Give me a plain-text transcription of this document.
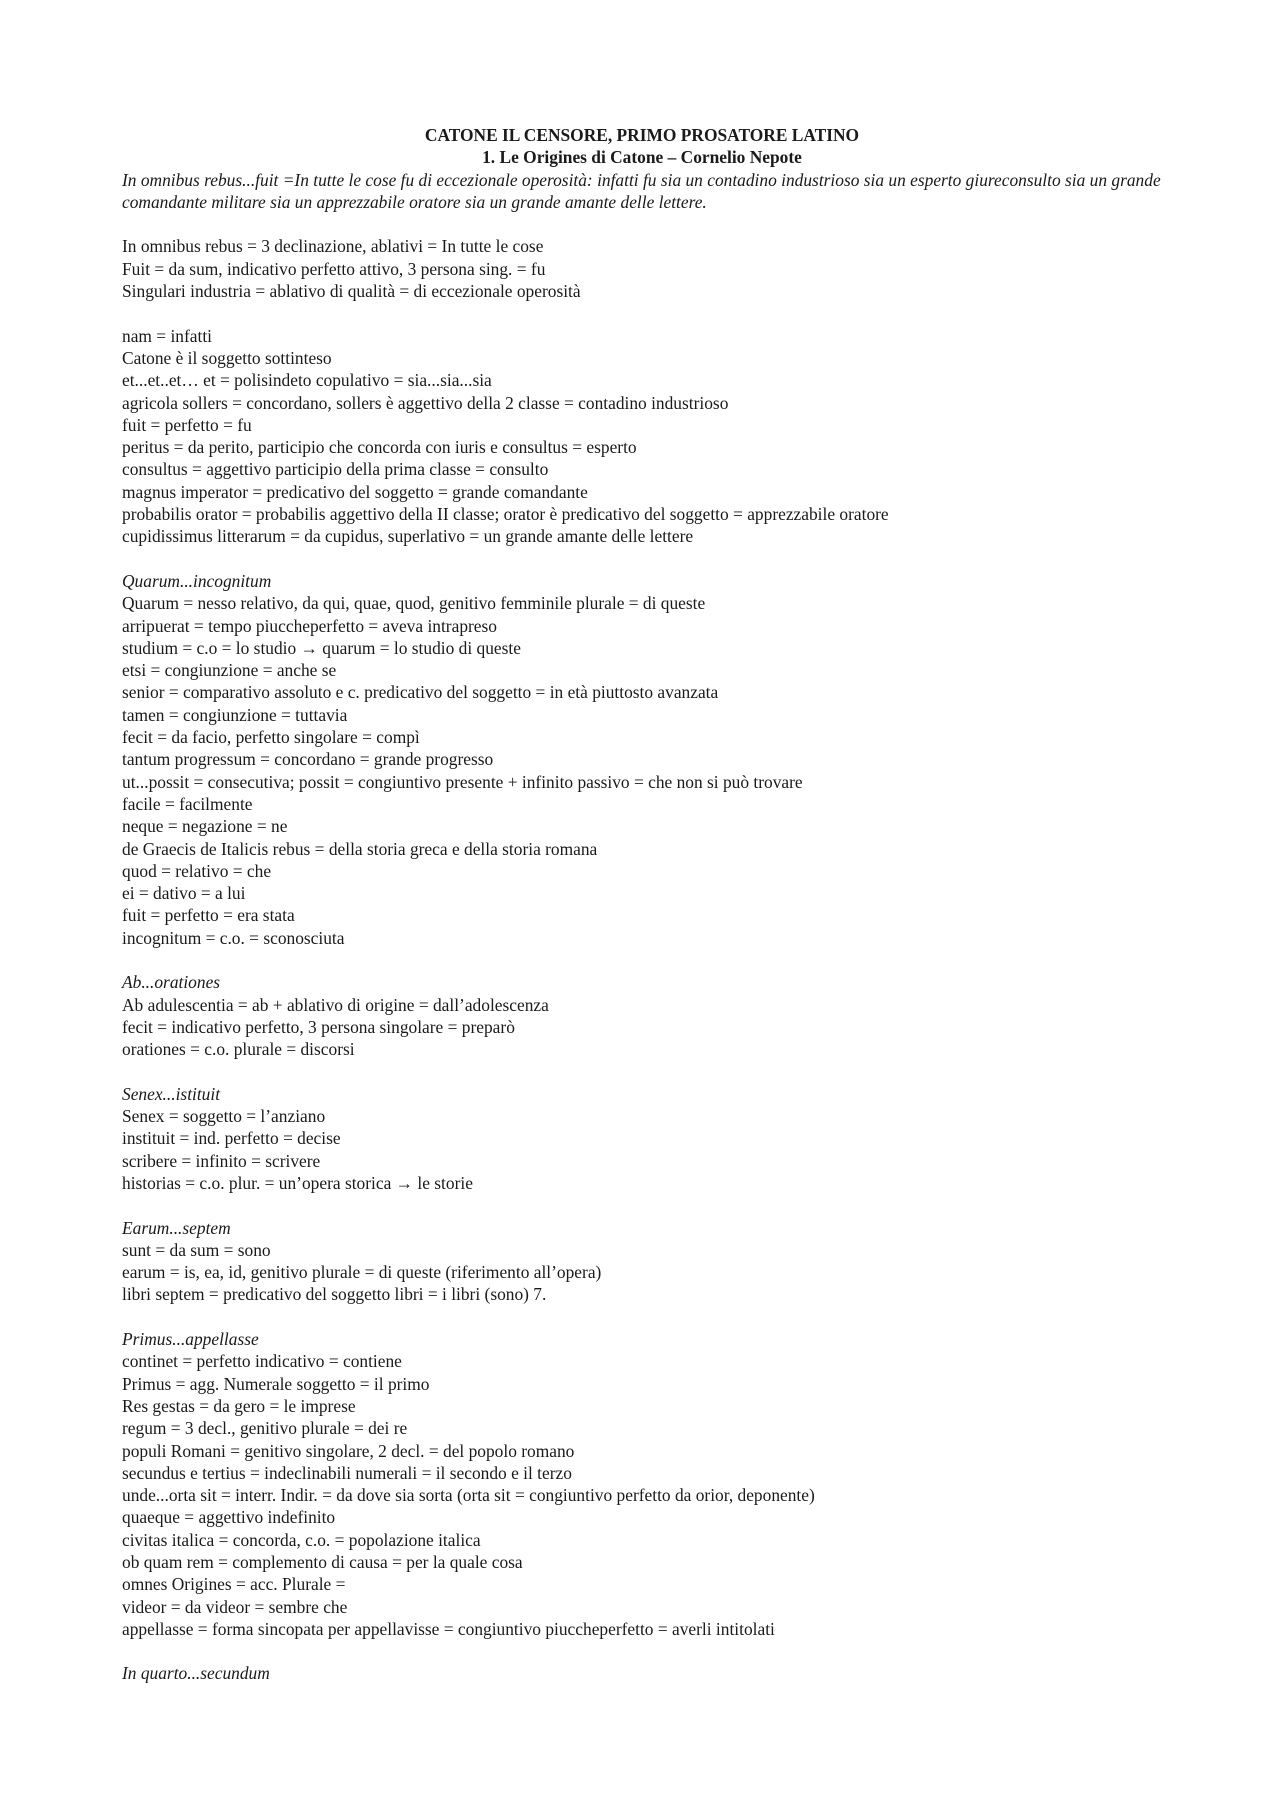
CATONE IL CENSORE, PRIMO PROSATORE LATINO

1. Le Origines di Catone – Cornelio Nepote

In omnibus rebus...fuit =In tutte le cose fu di eccezionale operosità: infatti fu sia un contadino industrioso sia un esperto giureconsulto sia un grande comandante militare sia un apprezzabile oratore sia un grande amante delle lettere.

In omnibus rebus = 3 declinazione, ablativi = In tutte le cose

Fuit = da sum, indicativo perfetto attivo, 3 persona sing. = fu

Singulari industria = ablativo di qualità = di eccezionale operosità

nam = infatti

Catone è il soggetto sottinteso

et...et..et… et = polisindeto copulativo = sia...sia...sia

agricola sollers = concordano, sollers è aggettivo della 2 classe = contadino industrioso

fuit = perfetto = fu

peritus = da perito, participio che concorda con iuris e consultus = esperto

consultus = aggettivo participio della prima classe = consulto

magnus imperator = predicativo del soggetto = grande comandante

probabilis orator = probabilis aggettivo della II classe; orator è predicativo del soggetto = apprezzabile oratore

cupidissimus litterarum = da cupidus, superlativo = un grande amante delle lettere

Quarum...incognitum

Quarum = nesso relativo, da qui, quae, quod, genitivo femminile plurale = di queste

arripuerat = tempo piuccheperfetto = aveva intrapreso

studium = c.o = lo studio → quarum = lo studio di queste

etsi = congiunzione = anche se

senior = comparativo assoluto e c. predicativo del soggetto = in età piuttosto avanzata

tamen = congiunzione = tuttavia

fecit = da facio, perfetto singolare = compì

tantum progressum = concordano = grande progresso

ut...possit = consecutiva; possit = congiuntivo presente + infinito passivo = che non si può trovare

facile = facilmente

neque = negazione = ne

de Graecis de Italicis rebus = della storia greca e della storia romana

quod = relativo = che

ei = dativo = a lui

fuit = perfetto = era stata

incognitum = c.o. = sconosciuta

Ab...orationes

Ab adulescentia = ab + ablativo di origine = dall’adolescenza

fecit = indicativo perfetto, 3 persona singolare = preparò

orationes = c.o. plurale = discorsi

Senex...istituit

Senex = soggetto = l’anziano

instituit = ind. perfetto = decise

scribere = infinito = scrivere

historias = c.o. plur. = un’opera storica → le storie

Earum...septem

sunt = da sum = sono

earum = is, ea, id, genitivo plurale = di queste (riferimento all’opera)

libri septem = predicativo del soggetto libri = i libri (sono) 7.

Primus...appellasse

continet = perfetto indicativo = contiene

Primus = agg. Numerale soggetto = il primo

Res gestas = da gero = le imprese

regum = 3 decl., genitivo plurale = dei re

populi Romani = genitivo singolare, 2 decl. = del popolo romano

secundus e tertius = indeclinabili numerali = il secondo e il terzo

unde...orta sit = interr. Indir. = da dove sia sorta (orta sit = congiuntivo perfetto da orior, deponente)

quaeque = aggettivo indefinito

civitas italica = concorda, c.o. = popolazione italica

ob quam rem = complemento di causa = per la quale cosa

omnes Origines = acc. Plurale =

videor = da videor = sembre che

appellasse = forma sincopata per appellavisse = congiuntivo piuccheperfetto = averli intitolati

In quarto...secundum
